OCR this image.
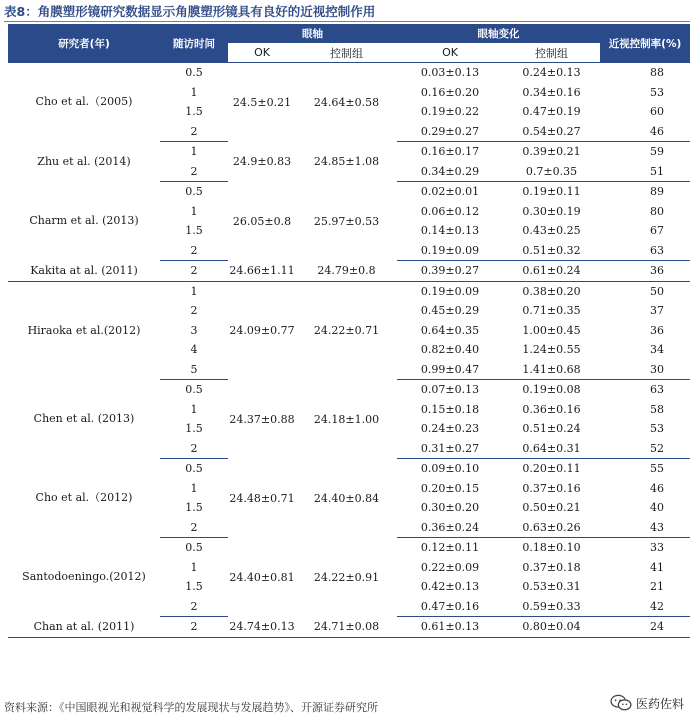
表8：角膜塑形镜研究数据显示角膜塑形镜具有良好的近视控制作用
研究者(年)	随访时间	眼轴		眼轴变化		近视控制率(%)
		OK	控制组	OK	控制组	
Cho et al.（2005)	0.5	24.5±0.21	24.64±0.58	0.03±0.13	0.24±0.13	88
	1			0.16±0.20	0.34±0.16	53
	1.5			0.19±0.22	0.47±0.19	60
	2			0.29±0.27	0.54±0.27	46
Zhu et al. (2014)	1	24.9±0.83	24.85±1.08	0.16±0.17	0.39±0.21	59
	2			0.34±0.29	0.7±0.35	51
Charm et al. (2013)	0.5	26.05±0.8	25.97±0.53	0.02±0.01	0.19±0.11	89
	1			0.06±0.12	0.30±0.19	80
	1.5			0.14±0.13	0.43±0.25	67
	2			0.19±0.09	0.51±0.32	63
Kakita at al. (2011)	2	24.66±1.11	24.79±0.8	0.39±0.27	0.61±0.24	36
Hiraoka et al.(2012)	1	24.09±0.77	24.22±0.71	0.19±0.09	0.38±0.20	50
	2			0.45±0.29	0.71±0.35	37
	3			0.64±0.35	1.00±0.45	36
	4			0.82±0.40	1.24±0.55	34
	5			0.99±0.47	1.41±0.68	30
Chen et al. (2013)	0.5	24.37±0.88	24.18±1.00	0.07±0.13	0.19±0.08	63
	1			0.15±0.18	0.36±0.16	58
	1.5			0.24±0.23	0.51±0.24	53
	2			0.31±0.27	0.64±0.31	52
Cho et al.（2012)	0.5	24.48±0.71	24.40±0.84	0.09±0.10	0.20±0.11	55
	1			0.20±0.15	0.37±0.16	46
	1.5			0.30±0.20	0.50±0.21	40
	2			0.36±0.24	0.63±0.26	43
Santodoeningo.(2012)	0.5	24.40±0.81	24.22±0.91	0.12±0.11	0.18±0.10	33
	1			0.22±0.09	0.37±0.18	41
	1.5			0.42±0.13	0.53±0.31	21
	2			0.47±0.16	0.59±0.33	42
Chan at al. (2011)	2	24.74±0.13	24.71±0.08	0.61±0.13	0.80±0.04	24
资料来源：《中国眼视光和视觉科学的发展现状与发展趋势》、开源证券研究所	医药佐料
